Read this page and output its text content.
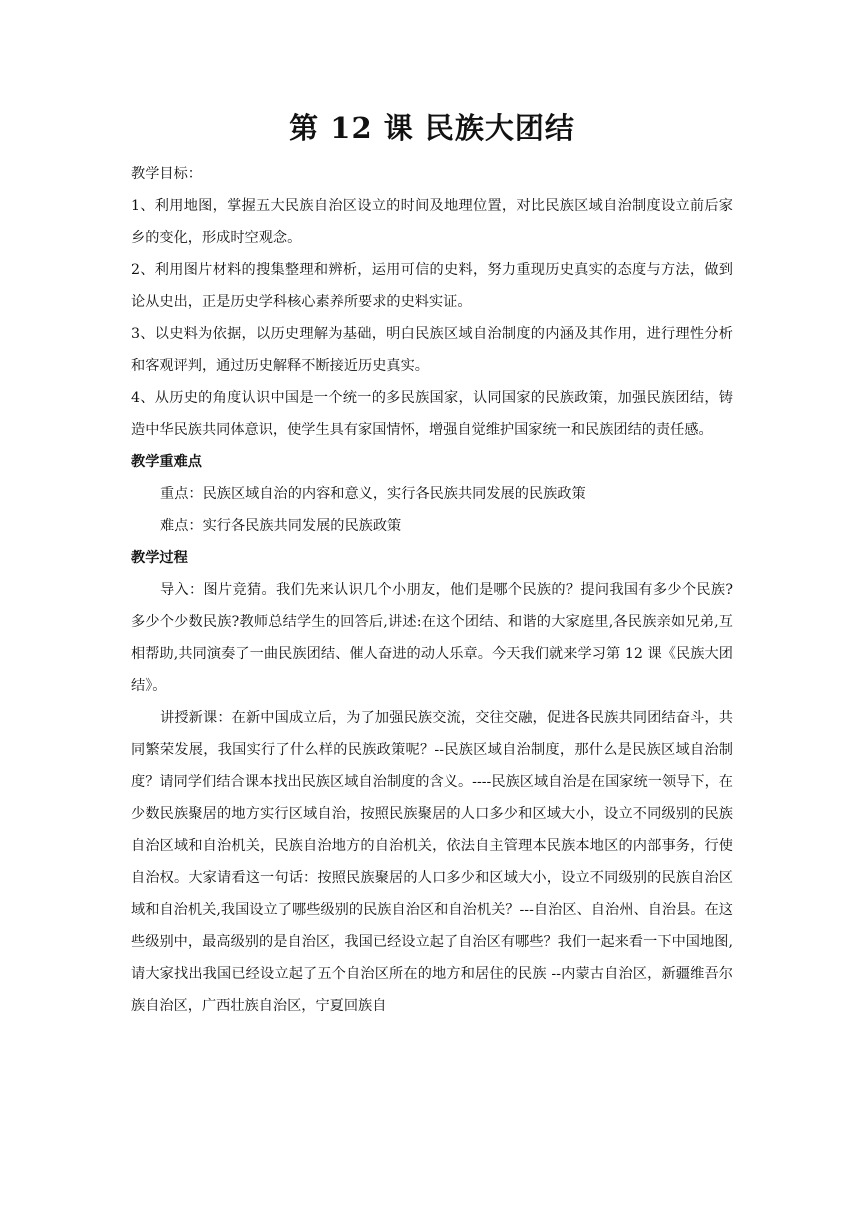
第 12 课 民族大团结

教学目标：

1、利用地图，掌握五大民族自治区设立的时间及地理位置，对比民族区域自治制度设立前后家乡的变化，形成时空观念。

2、利用图片材料的搜集整理和辨析，运用可信的史料，努力重现历史真实的态度与方法，做到论从史出，正是历史学科核心素养所要求的史料实证。

3、以史料为依据，以历史理解为基础，明白民族区域自治制度的内涵及其作用，进行理性分析和客观评判，通过历史解释不断接近历史真实。

4、从历史的角度认识中国是一个统一的多民族国家，认同国家的民族政策，加强民族团结，铸造中华民族共同体意识，使学生具有家国情怀，增强自觉维护国家统一和民族团结的责任感。

教学重难点

重点：民族区域自治的内容和意义，实行各民族共同发展的民族政策

难点：实行各民族共同发展的民族政策

教学过程

导入：图片竞猜。我们先来认识几个小朋友，他们是哪个民族的？提问我国有多少个民族?多少个少数民族?教师总结学生的回答后,讲述:在这个团结、和谐的大家庭里,各民族亲如兄弟,互相帮助,共同演奏了一曲民族团结、催人奋进的动人乐章。今天我们就来学习第 12 课《民族大团结》。

讲授新课：在新中国成立后，为了加强民族交流，交往交融，促进各民族共同团结奋斗，共同繁荣发展，我国实行了什么样的民族政策呢？--民族区域自治制度，那什么是民族区域自治制度？请同学们结合课本找出民族区域自治制度的含义。----民族区域自治是在国家统一领导下，在少数民族聚居的地方实行区域自治，按照民族聚居的人口多少和区域大小，设立不同级别的民族自治区域和自治机关，民族自治地方的自治机关，依法自主管理本民族本地区的内部事务，行使自治权。大家请看这一句话：按照民族聚居的人口多少和区域大小，设立不同级别的民族自治区域和自治机关,我国设立了哪些级别的民族自治区和自治机关？---自治区、自治州、自治县。在这些级别中，最高级别的是自治区，我国已经设立起了自治区有哪些？我们一起来看一下中国地图,请大家找出我国已经设立起了五个自治区所在的地方和居住的民族 --内蒙古自治区，新疆维吾尔族自治区，广西壮族自治区，宁夏回族自
